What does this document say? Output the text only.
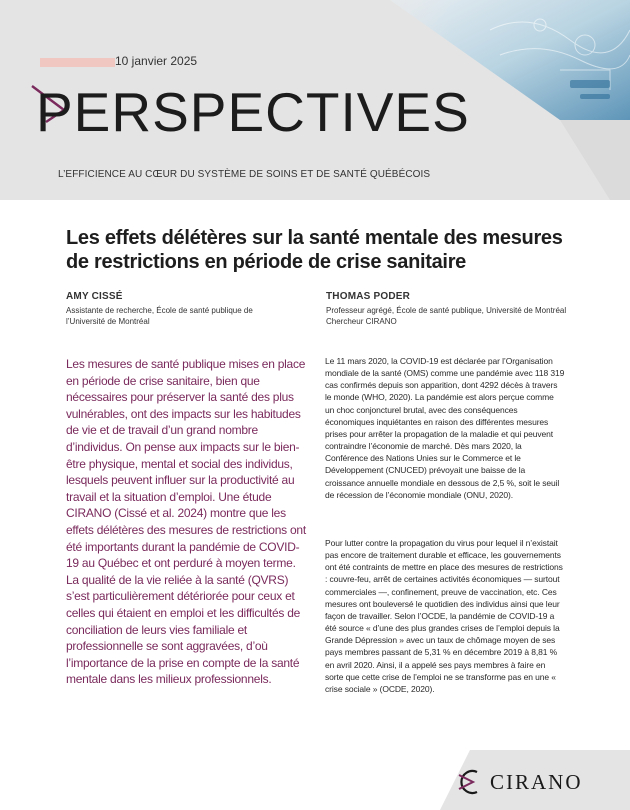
10 janvier 2025
PERSPECTIVES
L’EFFICIENCE AU CŒUR DU SYSTÈME DE SOINS ET DE SANTÉ QUÉBÉCOIS
Les effets délétères sur la santé mentale des mesures de restrictions en période de crise sanitaire
AMY CISSÉ
Assistante de recherche, École de santé publique de l’Université de Montréal
THOMAS PODER
Professeur agrégé, École de santé publique, Université de Montréal
Chercheur CIRANO

Les mesures de santé publique mises en place en période de crise sanitaire, bien que nécessaires pour préserver la santé des plus vulnérables, ont des impacts sur les habitudes de vie et de travail d’un grand nombre d’individus. On pense aux impacts sur le bien-être physique, mental et social des individus, lesquels peuvent influer sur la productivité au travail et la situation d’emploi. Une étude CIRANO (Cissé et al. 2024) montre que les effets délétères des mesures de restrictions ont été importants durant la pandémie de COVID-19 au Québec et ont perduré à moyen terme. La qualité de la vie reliée à la santé (QVRS) s’est particulièrement détériorée pour ceux et celles qui étaient en emploi et les difficultés de conciliation de leurs vies familiale et professionnelle se sont aggravées, d’où l’importance de la prise en compte de la santé mentale dans les milieux professionnels.

Le 11 mars 2020, la COVID-19 est déclarée par l’Organisation mondiale de la santé (OMS) comme une pandémie avec 118 319 cas confirmés depuis son apparition, dont 4292 décès à travers le monde (WHO, 2020). La pandémie est alors perçue comme un choc conjoncturel brutal, avec des conséquences économiques inquiétantes en raison des différentes mesures prises pour arrêter la propagation de la maladie et qui peuvent contraindre l’économie de marché. Dès mars 2020, la Conférence des Nations Unies sur le Commerce et le Développement (CNUCED) prévoyait une baisse de la croissance annuelle mondiale en dessous de 2,5 %, soit le seuil de récession de l’économie mondiale (ONU, 2020).

Pour lutter contre la propagation du virus pour lequel il n’existait pas encore de traitement durable et efficace, les gouvernements ont été contraints de mettre en place des mesures de restrictions : couvre-feu, arrêt de certaines activités économiques — surtout commerciales —, confinement, preuve de vaccination, etc. Ces mesures ont bouleversé le quotidien des individus ainsi que leur façon de travailler. Selon l’OCDE, la pandémie de COVID-19 a été source « d’une des plus grandes crises de l’emploi depuis la Grande Dépression » avec un taux de chômage moyen de ses pays membres passant de 5,31 % en décembre 2019 à 8,81 % en avril 2020. Ainsi, il a appelé ses pays membres à faire en sorte que cette crise de l’emploi ne se transforme pas en une « crise sociale » (OCDE, 2020).

CIRANO
